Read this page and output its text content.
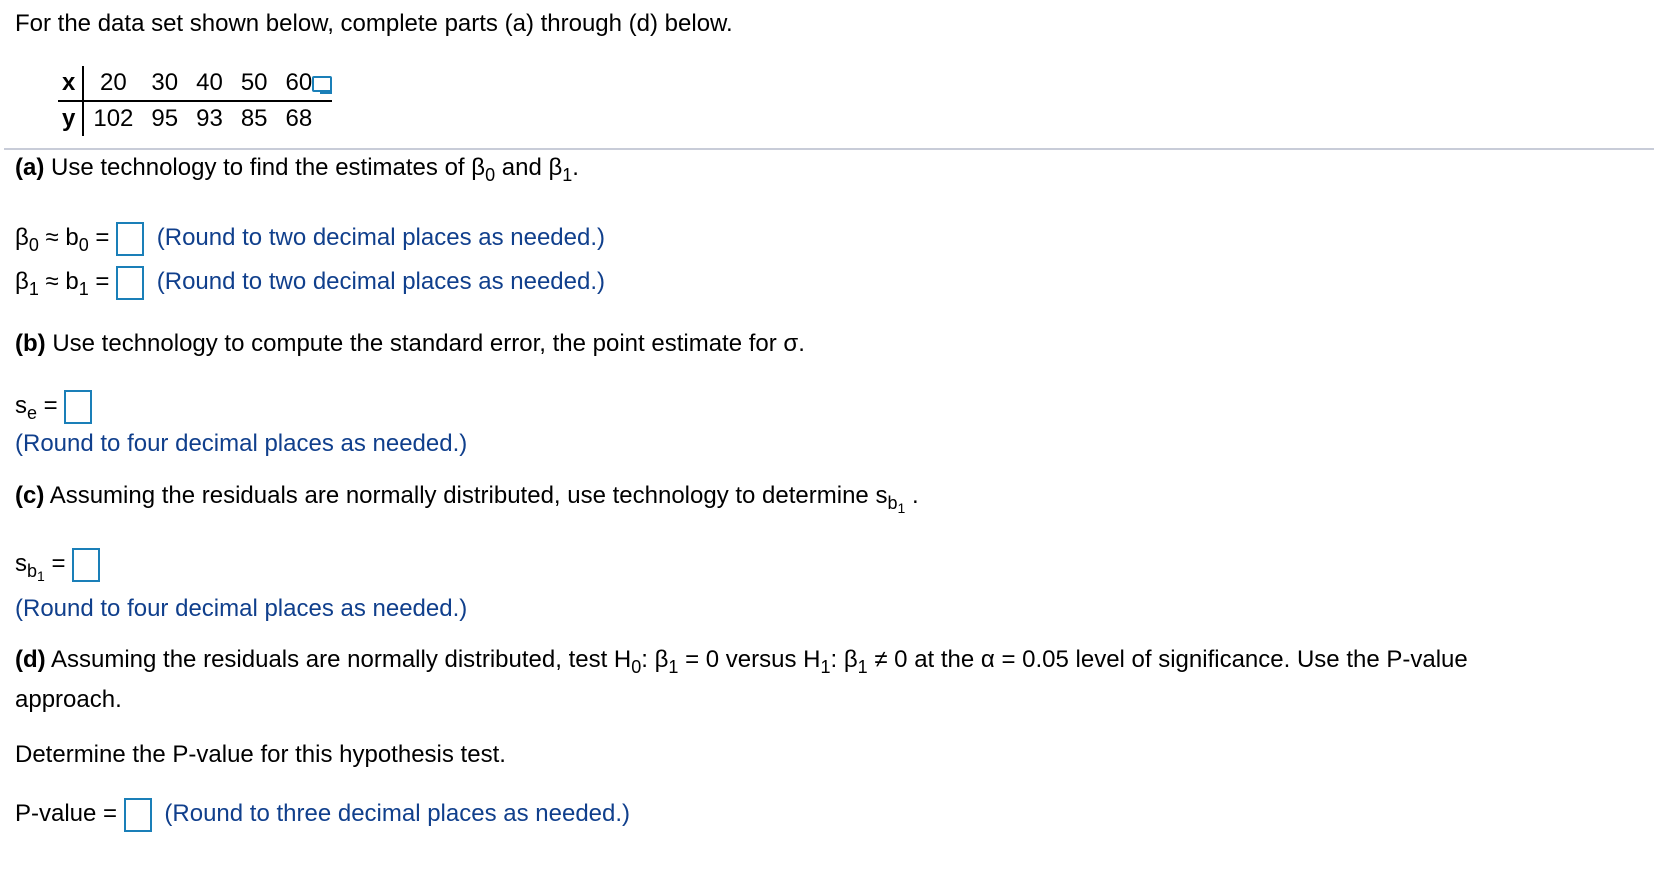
For the data set shown below, complete parts (a) through (d) below.
x	20	30	40	50	60
y	102	95	93	85	68
(a) Use technology to find the estimates of $\beta_0$ and $\beta_1$.
$\beta_0 \approx b_0$ =  (Round to two decimal places as needed.)
$\beta_1 \approx b_1$ =  (Round to two decimal places as needed.)
(b) Use technology to compute the standard error, the point estimate for σ.
$s_e$ =
(Round to four decimal places as needed.)
(c) Assuming the residuals are normally distributed, use technology to determine $s_{b_1}$ .
$s_{b_1}$ =
(Round to four decimal places as needed.)
(d) Assuming the residuals are normally distributed, test $H_0$: $\beta_1 = 0$ versus $H_1$: $\beta_1 \ne 0$ at the α = 0.05 level of significance. Use the P-value
approach.
Determine the P-value for this hypothesis test.
P-value = (Round to three decimal places as needed.)
